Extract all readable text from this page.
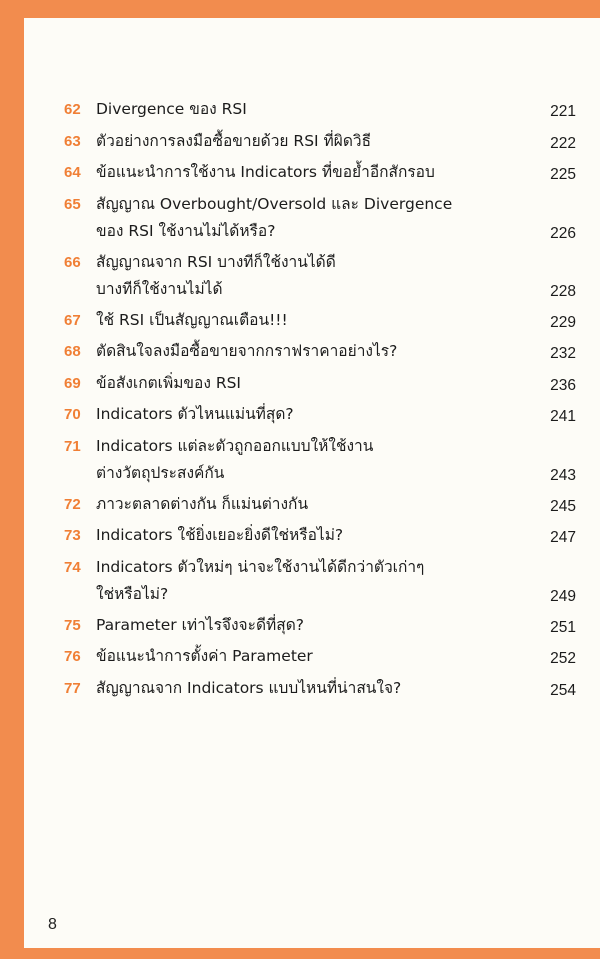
62 Divergence ของ RSI	221
63 ตัวอย่างการลงมือซื้อขายด้วย RSI ที่ผิดวิธี	222
64 ข้อแนะนำการใช้งาน Indicators ที่ขอย้ำอีกสักรอบ	225
65 สัญญาณ Overbought/Oversold และ Divergence
ของ RSI ใช้งานไม่ได้หรือ?	226
66 สัญญาณจาก RSI บางทีก็ใช้งานได้ดี
บางทีก็ใช้งานไม่ได้	228
67 ใช้ RSI เป็นสัญญาณเตือน!!!	229
68 ตัดสินใจลงมือซื้อขายจากกราฟราคาอย่างไร?	232
69 ข้อสังเกตเพิ่มของ RSI	236
70 Indicators ตัวไหนแม่นที่สุด?	241
71 Indicators แต่ละตัวถูกออกแบบให้ใช้งาน
ต่างวัตถุประสงค์กัน	243
72 ภาวะตลาดต่างกัน ก็แม่นต่างกัน	245
73 Indicators ใช้ยิ่งเยอะยิ่งดีใช่หรือไม่?	247
74 Indicators ตัวใหม่ๆ น่าจะใช้งานได้ดีกว่าตัวเก่าๆ
ใช่หรือไม่?	249
75 Parameter เท่าไรจึงจะดีที่สุด?	251
76 ข้อแนะนำการตั้งค่า Parameter	252
77 สัญญาณจาก Indicators แบบไหนที่น่าสนใจ?	254
8
